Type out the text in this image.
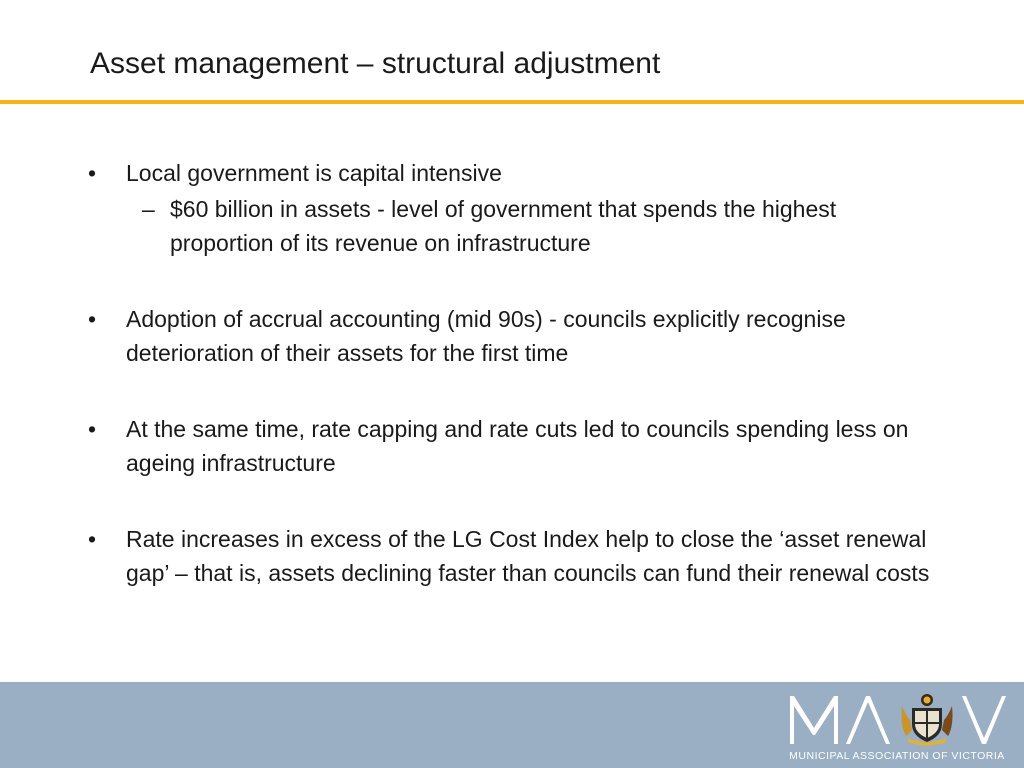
Asset management – structural adjustment
•	Local government is capital intensive
– $60 billion in assets - level of government that spends the highest proportion of its revenue on infrastructure
•	Adoption of accrual accounting (mid 90s) - councils explicitly recognise deterioration of their assets for the first time
•	At the same time, rate capping and rate cuts led to councils spending less on ageing infrastructure
•	Rate increases in excess of the LG Cost Index help to close the ‘asset renewal gap’ – that is, assets declining faster than councils can fund their renewal costs
MUNICIPAL ASSOCIATION OF VICTORIA
